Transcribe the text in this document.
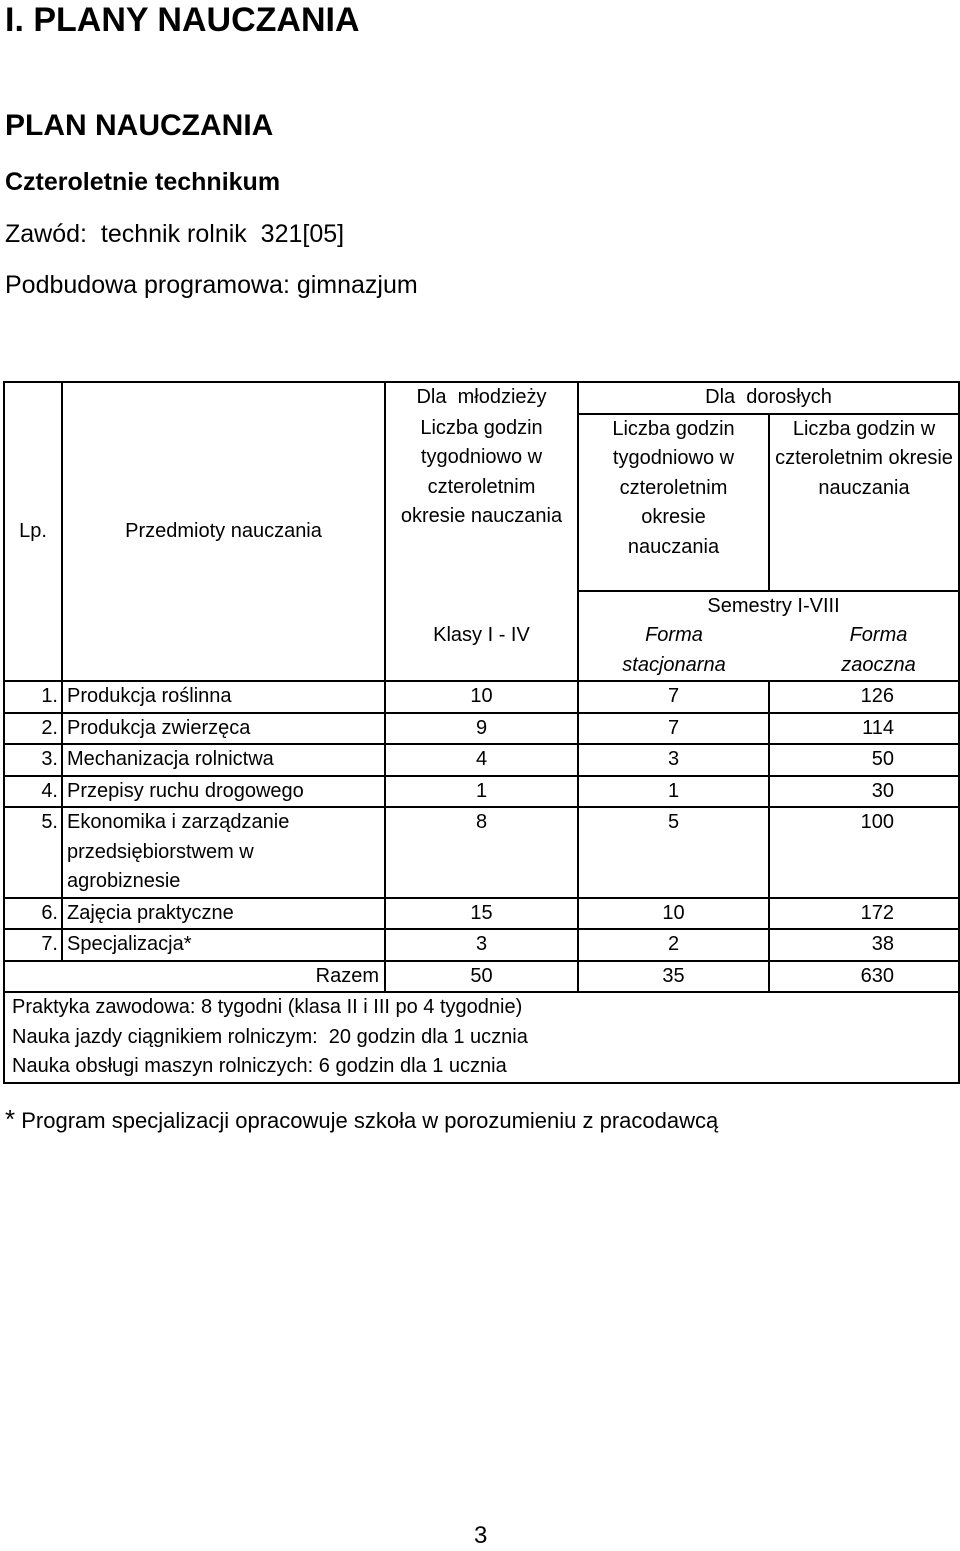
I. PLANY NAUCZANIA
PLAN NAUCZANIA
Czteroletnie technikum
Zawód:  technik rolnik  321[05]
Podbudowa programowa: gimnazjum
Lp.	Przedmioty nauczania	Dla  młodzieży	Dla  dorosłych	
		Liczba godzin tygodniowo w czteroletnim okresie nauczania	Liczba godzin tygodniowo w czteroletnim okresie nauczania	Liczba godzin w czteroletnim okresie nauczania
		Klasy I - IV	Semestry I-VIII	
			Forma stacjonarna	Forma zaoczna
1.	Produkcja roślinna	10	7	126
2.	Produkcja zwierzęca	9	7	114
3.	Mechanizacja rolnictwa	4	3	50
4.	Przepisy ruchu drogowego	1	1	30
5.	Ekonomika i zarządzanie przedsiębiorstwem w agrobiznesie	8	5	100
6.	Zajęcia praktyczne	15	10	172
7.	Specjalizacja*	3	2	38
Razem		50	35	630

Praktyka zawodowa: 8 tygodni (klasa II i III po 4 tygodnie)
Nauka jazdy ciągnikiem rolniczym:  20 godzin dla 1 ucznia
Nauka obsługi maszyn rolniczych: 6 godzin dla 1 ucznia				
* Program specjalizacji opracowuje szkoła w porozumieniu z pracodawcą
3
